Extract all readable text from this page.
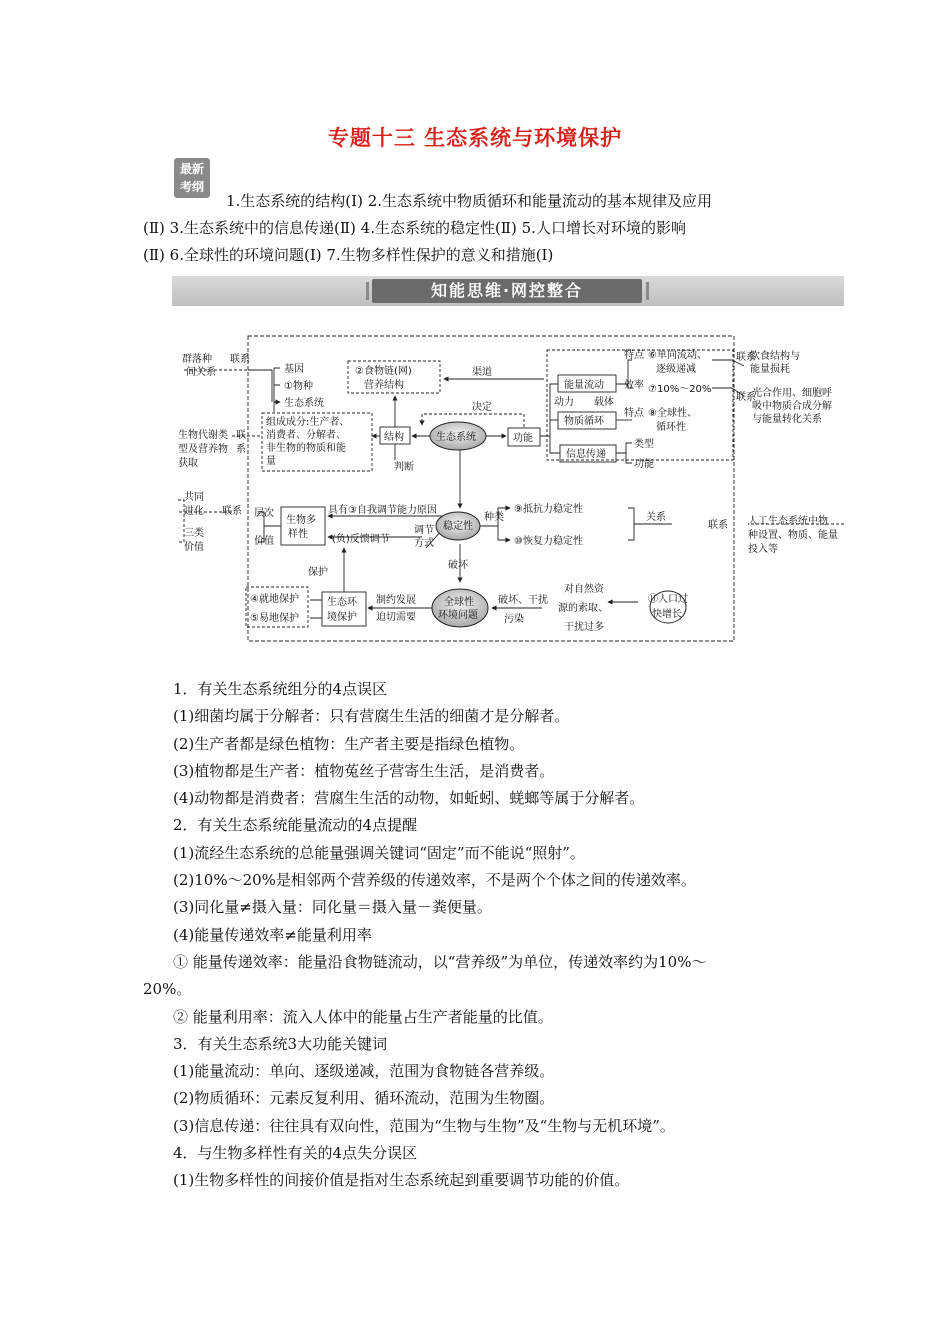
专题十三 生态系统与环境保护
最新
考纲
1.生态系统的结构(Ⅰ) 2.生态系统中物质循环和能量流动的基本规律及应用
(Ⅱ) 3.生态系统中的信息传递(Ⅱ) 4.生态系统的稳定性(Ⅱ) 5.人口增长对环境的影响
(Ⅱ) 6.全球性的环境问题(Ⅰ) 7.生物多样性保护的意义和措施(Ⅰ)
知能思维·网控整合
群落种
间关系
联系
基因
①物种
生态系统
②食物链(网)
营养结构
渠道
决定
生物代谢类
型及营养物
获取
联
系
组成成分:生产者、
消费者、分解者、
非生物的物质和能
量
结构	生态系统	功能
判断
能量流动
动力 载体
物质循环
信息传递
特点 ⑥单向流动、
逐级递减
效率 ⑦10%～20%
特点 ⑧全球性、
循环性
类型
功能
联系
饮食结构与
能量损耗
联系
光合作用、细胞呼
吸中物质合成分解
与能量转化关系
共同
进化
三类
价值
联系 层次
价值
生物多
样性
具有③自我调节能力原因
(负)反馈调节
调节
方式
稳定性
种类
⑨抵抗力稳定性
⑩恢复力稳定性
关系
联系 人工生态系统中物
种设置、物质、能量
投入等
保护
破坏
④就地保护
⑤易地保护
生态环
境保护
制约发展
迫切需要
全球性
环境问题
破坏、干扰
污染
对自然资
源的索取、
干扰过多
⑪人口过
快增长

1．有关生态系统组分的4点误区

(1)细菌均属于分解者：只有营腐生生活的细菌才是分解者。

(2)生产者都是绿色植物：生产者主要是指绿色植物。

(3)植物都是生产者：植物菟丝子营寄生生活，是消费者。

(4)动物都是消费者：营腐生生活的动物，如蚯蚓、蜣螂等属于分解者。

2．有关生态系统能量流动的4点提醒

(1)流经生态系统的总能量强调关键词“固定”而不能说“照射”。

(2)10%～20%是相邻两个营养级的传递效率，不是两个个体之间的传递效率。

(3)同化量≠摄入量：同化量＝摄入量－粪便量。

(4)能量传递效率≠能量利用率

① 能量传递效率：能量沿食物链流动，以“营养级”为单位，传递效率约为10%～

20%。

② 能量利用率：流入人体中的能量占生产者能量的比值。

3．有关生态系统3大功能关键词

(1)能量流动：单向、逐级递减，范围为食物链各营养级。

(2)物质循环：元素反复利用、循环流动，范围为生物圈。

(3)信息传递：往往具有双向性，范围为“生物与生物”及“生物与无机环境”。

4．与生物多样性有关的4点失分误区

(1)生物多样性的间接价值是指对生态系统起到重要调节功能的价值。
